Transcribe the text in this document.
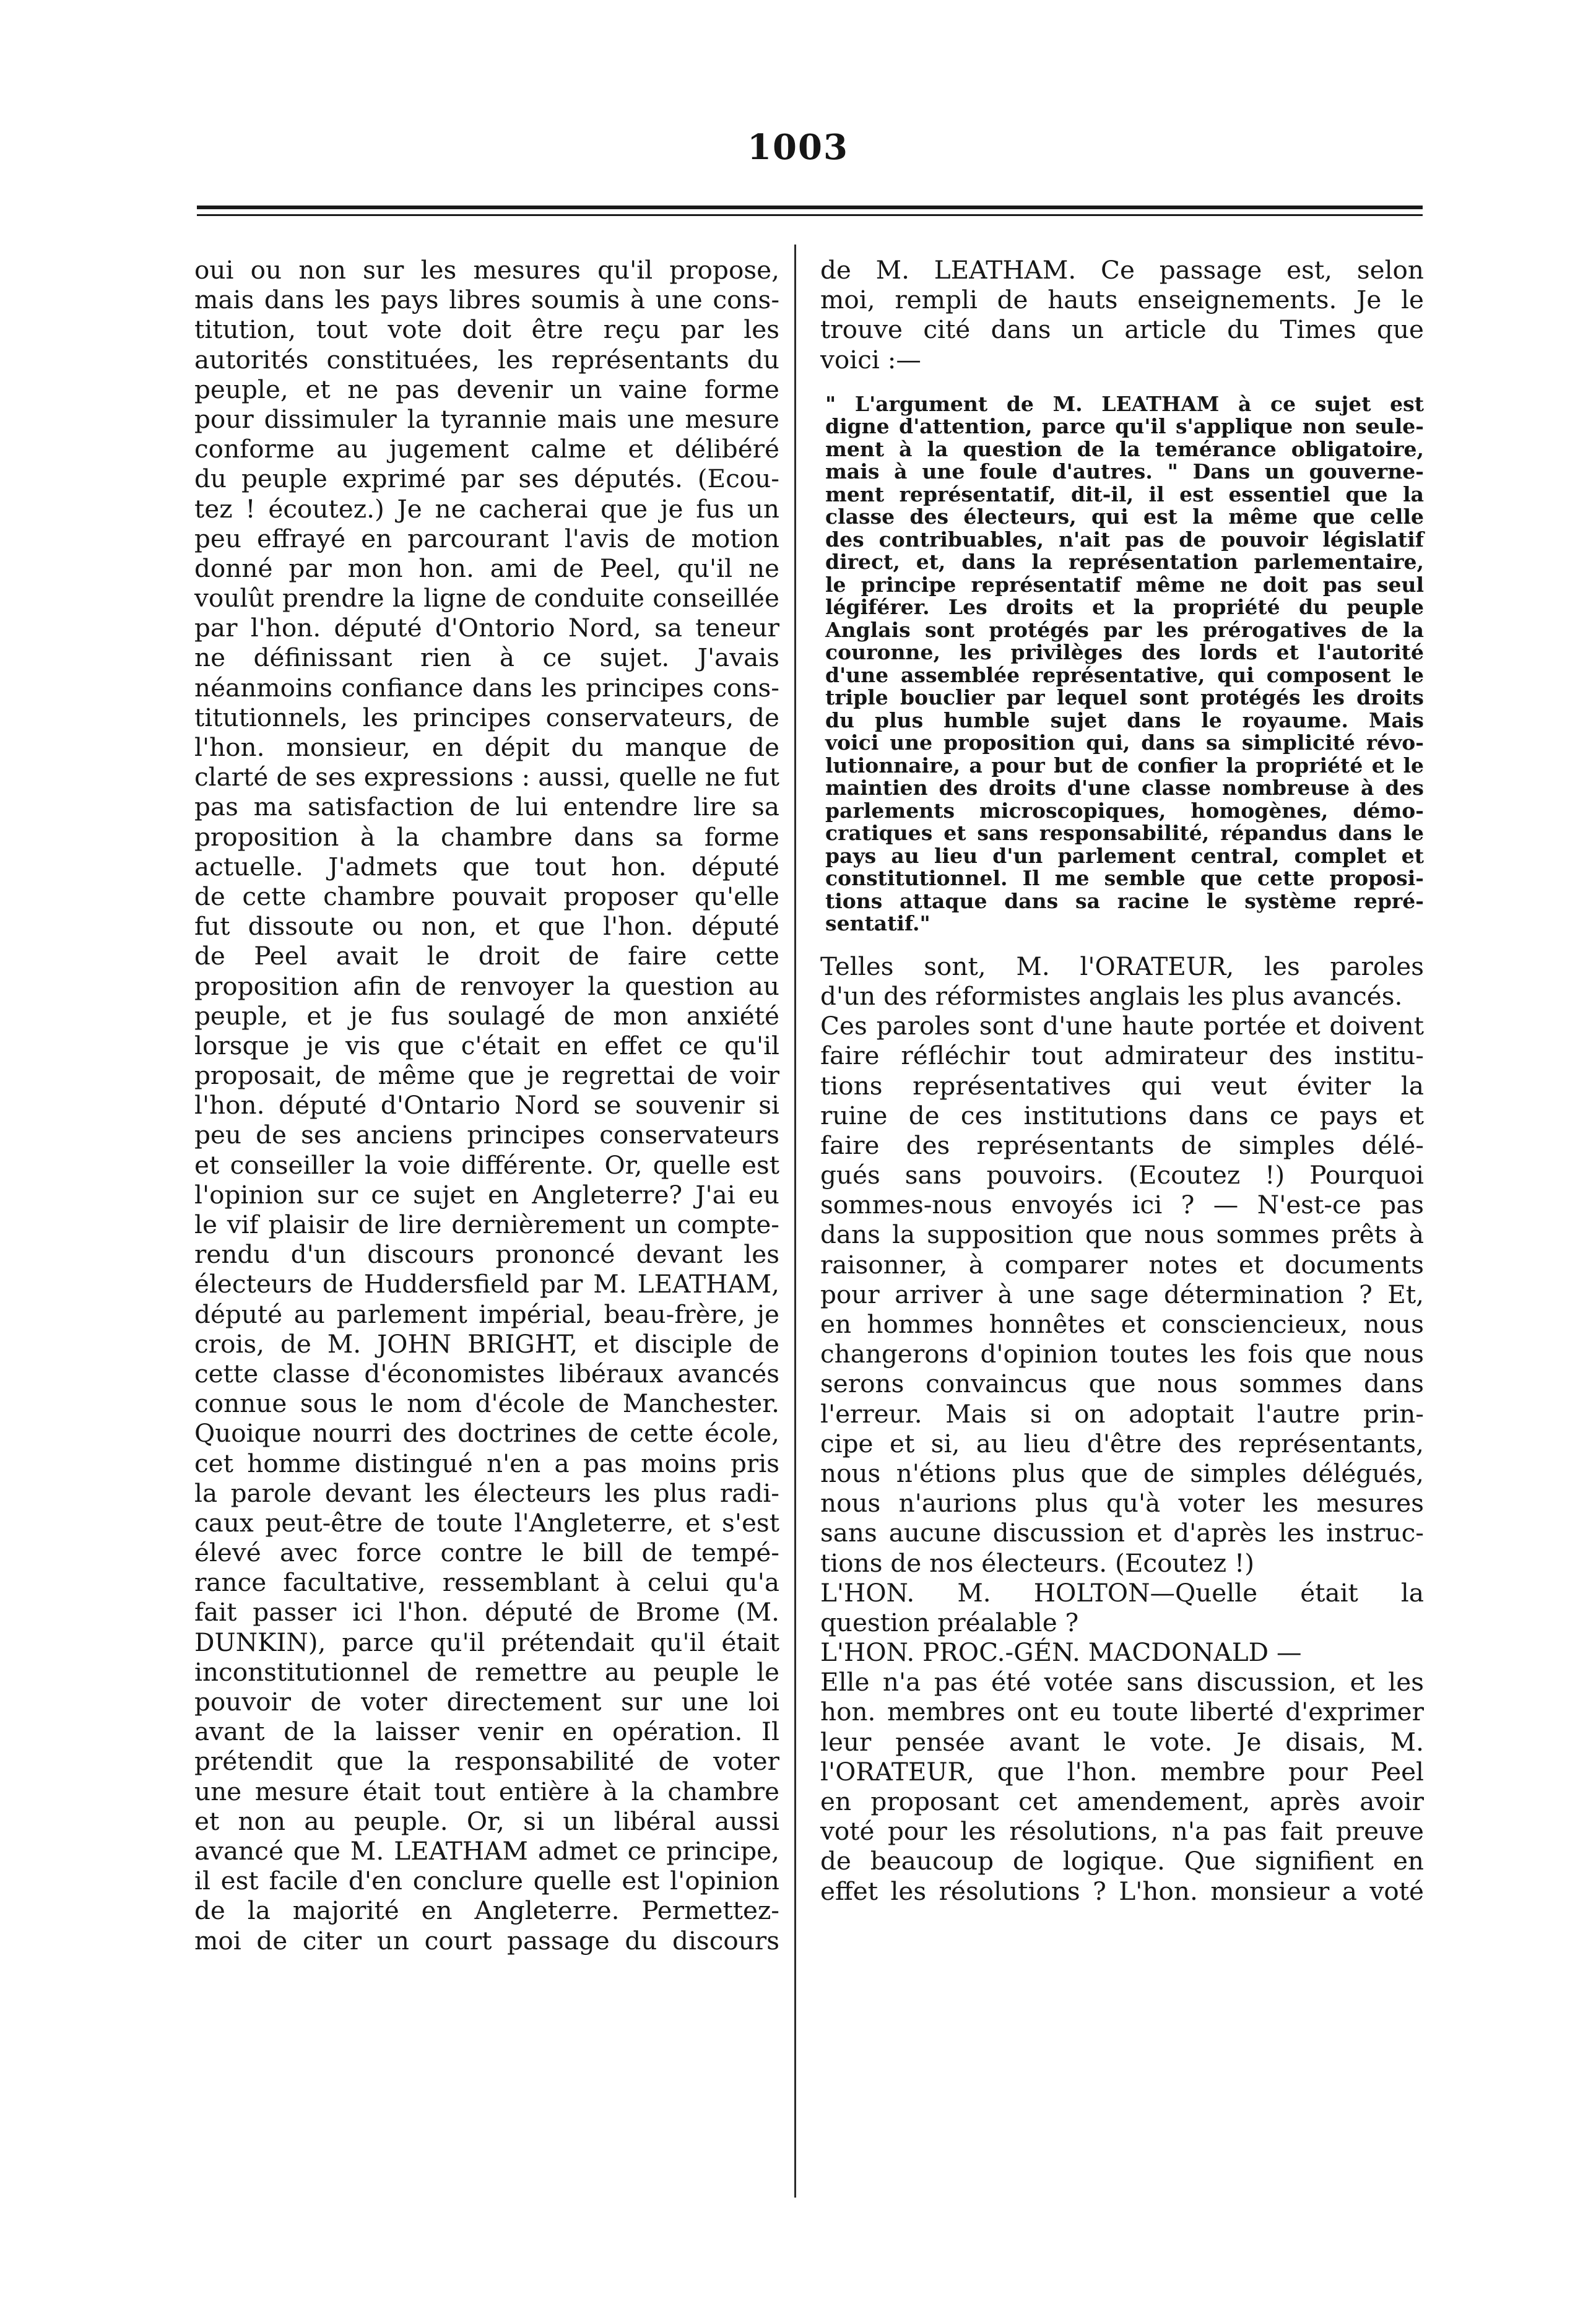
1003
oui ou non sur les mesures qu'il propose,
mais dans les pays libres soumis à une cons-
titution, tout vote doit être reçu par les
autorités constituées, les représentants du
peuple, et ne pas devenir un vaine forme
pour dissimuler la tyrannie mais une mesure
conforme au jugement calme et délibéré
du peuple exprimé par ses députés. (Ecou-
tez ! écoutez.) Je ne cacherai que je fus un
peu effrayé en parcourant l'avis de motion
donné par mon hon. ami de Peel, qu'il ne
voulût prendre la ligne de conduite conseillée
par l'hon. député d'Ontorio Nord, sa teneur
ne définissant rien à ce sujet. J'avais
néanmoins confiance dans les principes cons-
titutionnels, les principes conservateurs, de
l'hon. monsieur, en dépit du manque de
clarté de ses expressions : aussi, quelle ne fut
pas ma satisfaction de lui entendre lire sa
proposition à la chambre dans sa forme
actuelle. J'admets que tout hon. député
de cette chambre pouvait proposer qu'elle
fut dissoute ou non, et que l'hon. député
de Peel avait le droit de faire cette
proposition afin de renvoyer la question au
peuple, et je fus soulagé de mon anxiété
lorsque je vis que c'était en effet ce qu'il
proposait, de même que je regrettai de voir
l'hon. député d'Ontario Nord se souvenir si
peu de ses anciens principes conservateurs
et conseiller la voie différente. Or, quelle est
l'opinion sur ce sujet en Angleterre? J'ai eu
le vif plaisir de lire dernièrement un compte-
rendu d'un discours prononcé devant les
électeurs de Huddersfield par M. LEATHAM,
député au parlement impérial, beau-frère, je
crois, de M. JOHN BRIGHT, et disciple de
cette classe d'économistes libéraux avancés
connue sous le nom d'école de Manchester.
Quoique nourri des doctrines de cette école,
cet homme distingué n'en a pas moins pris
la parole devant les électeurs les plus radi-
caux peut-être de toute l'Angleterre, et s'est
élevé avec force contre le bill de tempé-
rance facultative, ressemblant à celui qu'a
fait passer ici l'hon. député de Brome (M.
DUNKIN), parce qu'il prétendait qu'il était
inconstitutionnel de remettre au peuple le
pouvoir de voter directement sur une loi
avant de la laisser venir en opération. Il
prétendit que la responsabilité de voter
une mesure était tout entière à la chambre
et non au peuple. Or, si un libéral aussi
avancé que M. LEATHAM admet ce principe,
il est facile d'en conclure quelle est l'opinion
de la majorité en Angleterre. Permettez-
moi de citer un court passage du discours
de M. LEATHAM. Ce passage est, selon
moi, rempli de hauts enseignements. Je le
trouve cité dans un article du Times que
voici :—
" L'argument de M. LEATHAM à ce sujet est
digne d'attention, parce qu'il s'applique non seule-
ment à la question de la temérance obligatoire,
mais à une foule d'autres. " Dans un gouverne-
ment représentatif, dit-il, il est essentiel que la
classe des électeurs, qui est la même que celle
des contribuables, n'ait pas de pouvoir législatif
direct, et, dans la représentation parlementaire,
le principe représentatif même ne doit pas seul
légiférer. Les droits et la propriété du peuple
Anglais sont protégés par les prérogatives de la
couronne, les privilèges des lords et l'autorité
d'une assemblée représentative, qui composent le
triple bouclier par lequel sont protégés les droits
du plus humble sujet dans le royaume. Mais
voici une proposition qui, dans sa simplicité révo-
lutionnaire, a pour but de confier la propriété et le
maintien des droits d'une classe nombreuse à des
parlements microscopiques, homogènes, démo-
cratiques et sans responsabilité, répandus dans le
pays au lieu d'un parlement central, complet et
constitutionnel. Il me semble que cette proposi-
tions attaque dans sa racine le système repré-
sentatif."
Telles sont, M. l'ORATEUR, les paroles
d'un des réformistes anglais les plus avancés.
Ces paroles sont d'une haute portée et doivent
faire réfléchir tout admirateur des institu-
tions représentatives qui veut éviter la
ruine de ces institutions dans ce pays et
faire des représentants de simples délé-
gués sans pouvoirs. (Ecoutez !) Pourquoi
sommes-nous envoyés ici ? — N'est-ce pas
dans la supposition que nous sommes prêts à
raisonner, à comparer notes et documents
pour arriver à une sage détermination ? Et,
en hommes honnêtes et consciencieux, nous
changerons d'opinion toutes les fois que nous
serons convaincus que nous sommes dans
l'erreur. Mais si on adoptait l'autre prin-
cipe et si, au lieu d'être des représentants,
nous n'étions plus que de simples délégués,
nous n'aurions plus qu'à voter les mesures
sans aucune discussion et d'après les instruc-
tions de nos électeurs. (Ecoutez !)
L'HON. M. HOLTON—Quelle était la
question préalable ?
L'HON. PROC.-GÉN. MACDONALD —
Elle n'a pas été votée sans discussion, et les
hon. membres ont eu toute liberté d'exprimer
leur pensée avant le vote. Je disais, M.
l'ORATEUR, que l'hon. membre pour Peel
en proposant cet amendement, après avoir
voté pour les résolutions, n'a pas fait preuve
de beaucoup de logique. Que signifient en
effet les résolutions ? L'hon. monsieur a voté
